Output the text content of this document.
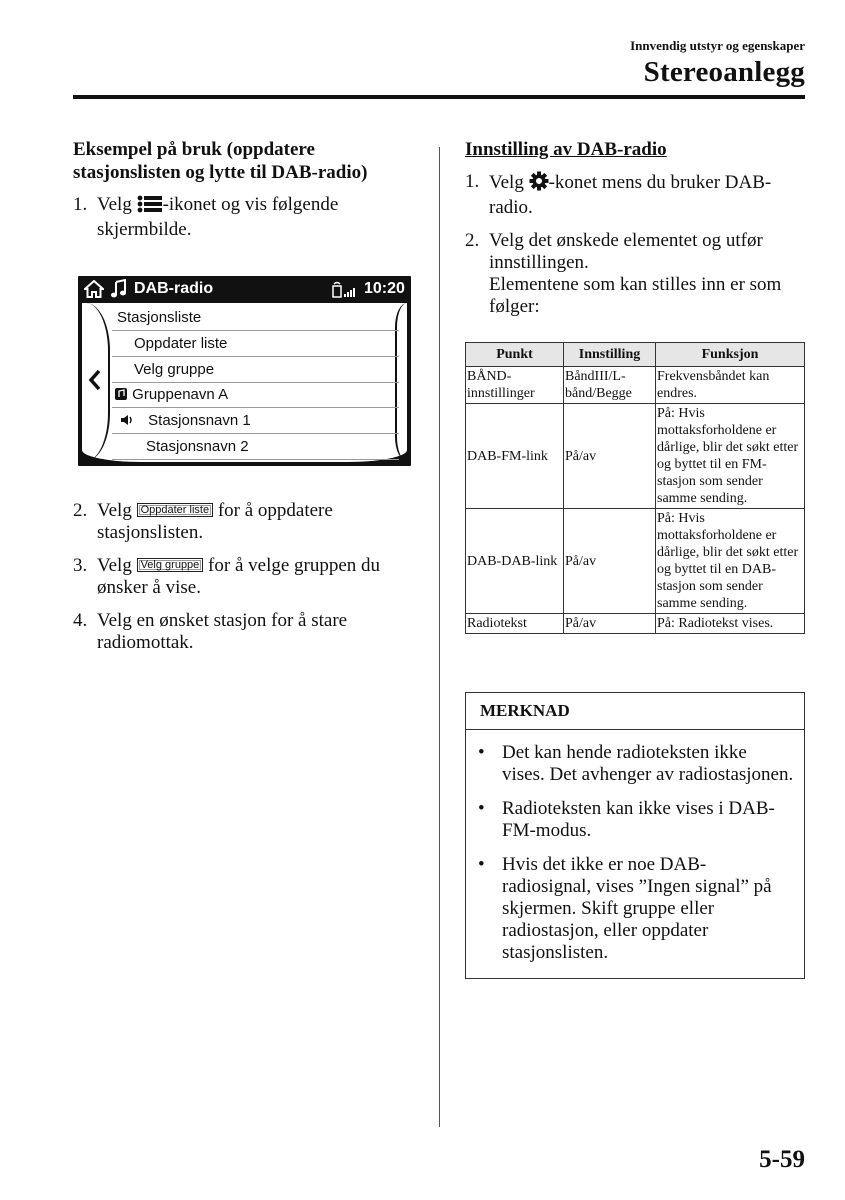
Innvendig utstyr og egenskaper
Stereoanlegg
Eksempel på bruk (oppdatere stasjonslisten og lytte til DAB-radio)
1. Velg -ikonet og vis følgende skjermbilde.
DAB-radio	10:20
Stasjonsliste
Oppdater liste
Velg gruppe
Gruppenavn A
Stasjonsnavn 1
Stasjonsnavn 2
2. Velg Oppdater liste for å oppdatere stasjonslisten.
3. Velg Velg gruppe for å velge gruppen du ønsker å vise.
4. Velg en ønsket stasjon for å stare radiomottak.
Innstilling av DAB-radio
1. Velg -konet mens du bruker DAB-radio.
2. Velg det ønskede elementet og utfør innstillingen.
Elementene som kan stilles inn er som følger:
Punkt	Innstilling	Funksjon
BÅND-innstillinger	BåndIII/L-bånd/Begge	Frekvensbåndet kan endres.
DAB-FM-link	På/av	På: Hvis mottaksforholdene er dårlige, blir det søkt etter og byttet til en FM-stasjon som sender samme sending.
DAB-DAB-link	På/av	På: Hvis mottaksforholdene er dårlige, blir det søkt etter og byttet til en DAB-stasjon som sender samme sending.
Radiotekst	På/av	På: Radiotekst vises.
MERKNAD
• Det kan hende radioteksten ikke vises. Det avhenger av radiostasjonen.
• Radioteksten kan ikke vises i DAB-FM-modus.
• Hvis det ikke er noe DAB-radiosignal, vises ”Ingen signal” på skjermen. Skift gruppe eller radiostasjon, eller oppdater stasjonslisten.
5-59
